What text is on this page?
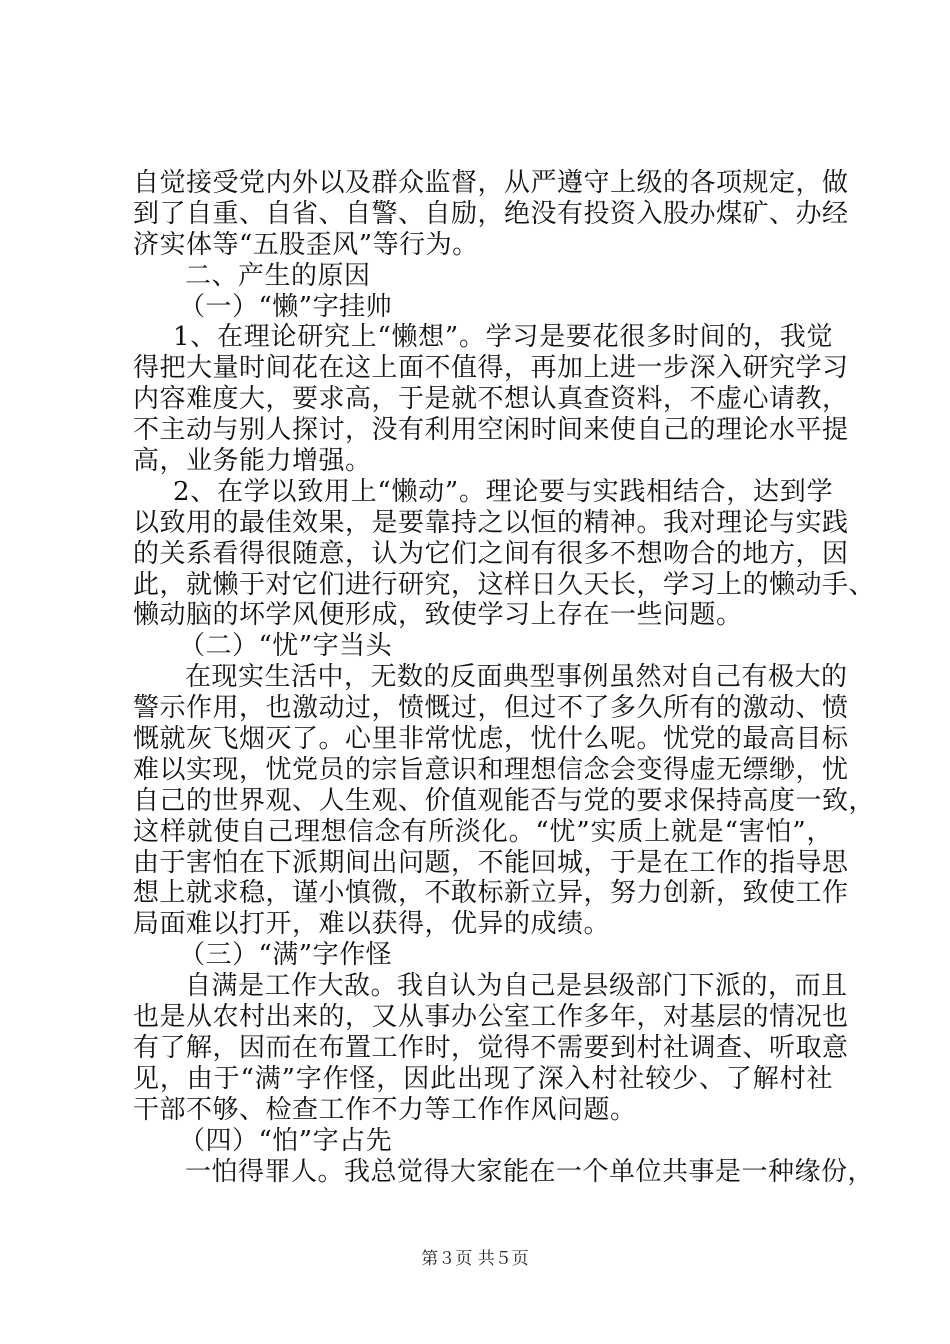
自觉接受党内外以及群众监督，从严遵守上级的各项规定，做
到了自重、自省、自警、自励，绝没有投资入股办煤矿、办经
济实体等“五股歪风”等行为。
二、产生的原因
（一）“懒”字挂帅
1、在理论研究上“懒想”。学习是要花很多时间的，我觉
得把大量时间花在这上面不值得，再加上进一步深入研究学习
内容难度大，要求高，于是就不想认真查资料，不虚心请教，
不主动与别人探讨，没有利用空闲时间来使自己的理论水平提
高，业务能力增强。
2、在学以致用上“懒动”。理论要与实践相结合，达到学
以致用的最佳效果，是要靠持之以恒的精神。我对理论与实践
的关系看得很随意，认为它们之间有很多不想吻合的地方，因
此，就懒于对它们进行研究，这样日久天长，学习上的懒动手、
懒动脑的坏学风便形成，致使学习上存在一些问题。
（二）“忧”字当头
在现实生活中，无数的反面典型事例虽然对自己有极大的
警示作用，也激动过，愤慨过，但过不了多久所有的激动、愤
慨就灰飞烟灭了。心里非常忧虑，忧什么呢。忧党的最高目标
难以实现，忧党员的宗旨意识和理想信念会变得虚无缥缈，忧
自己的世界观、人生观、价值观能否与党的要求保持高度一致，
这样就使自己理想信念有所淡化。“忧”实质上就是“害怕”，
由于害怕在下派期间出问题，不能回城，于是在工作的指导思
想上就求稳，谨小慎微，不敢标新立异，努力创新，致使工作
局面难以打开，难以获得，优异的成绩。
（三）“满”字作怪
自满是工作大敌。我自认为自己是县级部门下派的，而且
也是从农村出来的，又从事办公室工作多年，对基层的情况也
有了解，因而在布置工作时，觉得不需要到村社调查、听取意
见，由于“满”字作怪，因此出现了深入村社较少、了解村社
干部不够、检查工作不力等工作作风问题。
（四）“怕”字占先
一怕得罪人。我总觉得大家能在一个单位共事是一种缘份，
第３页 共５页
